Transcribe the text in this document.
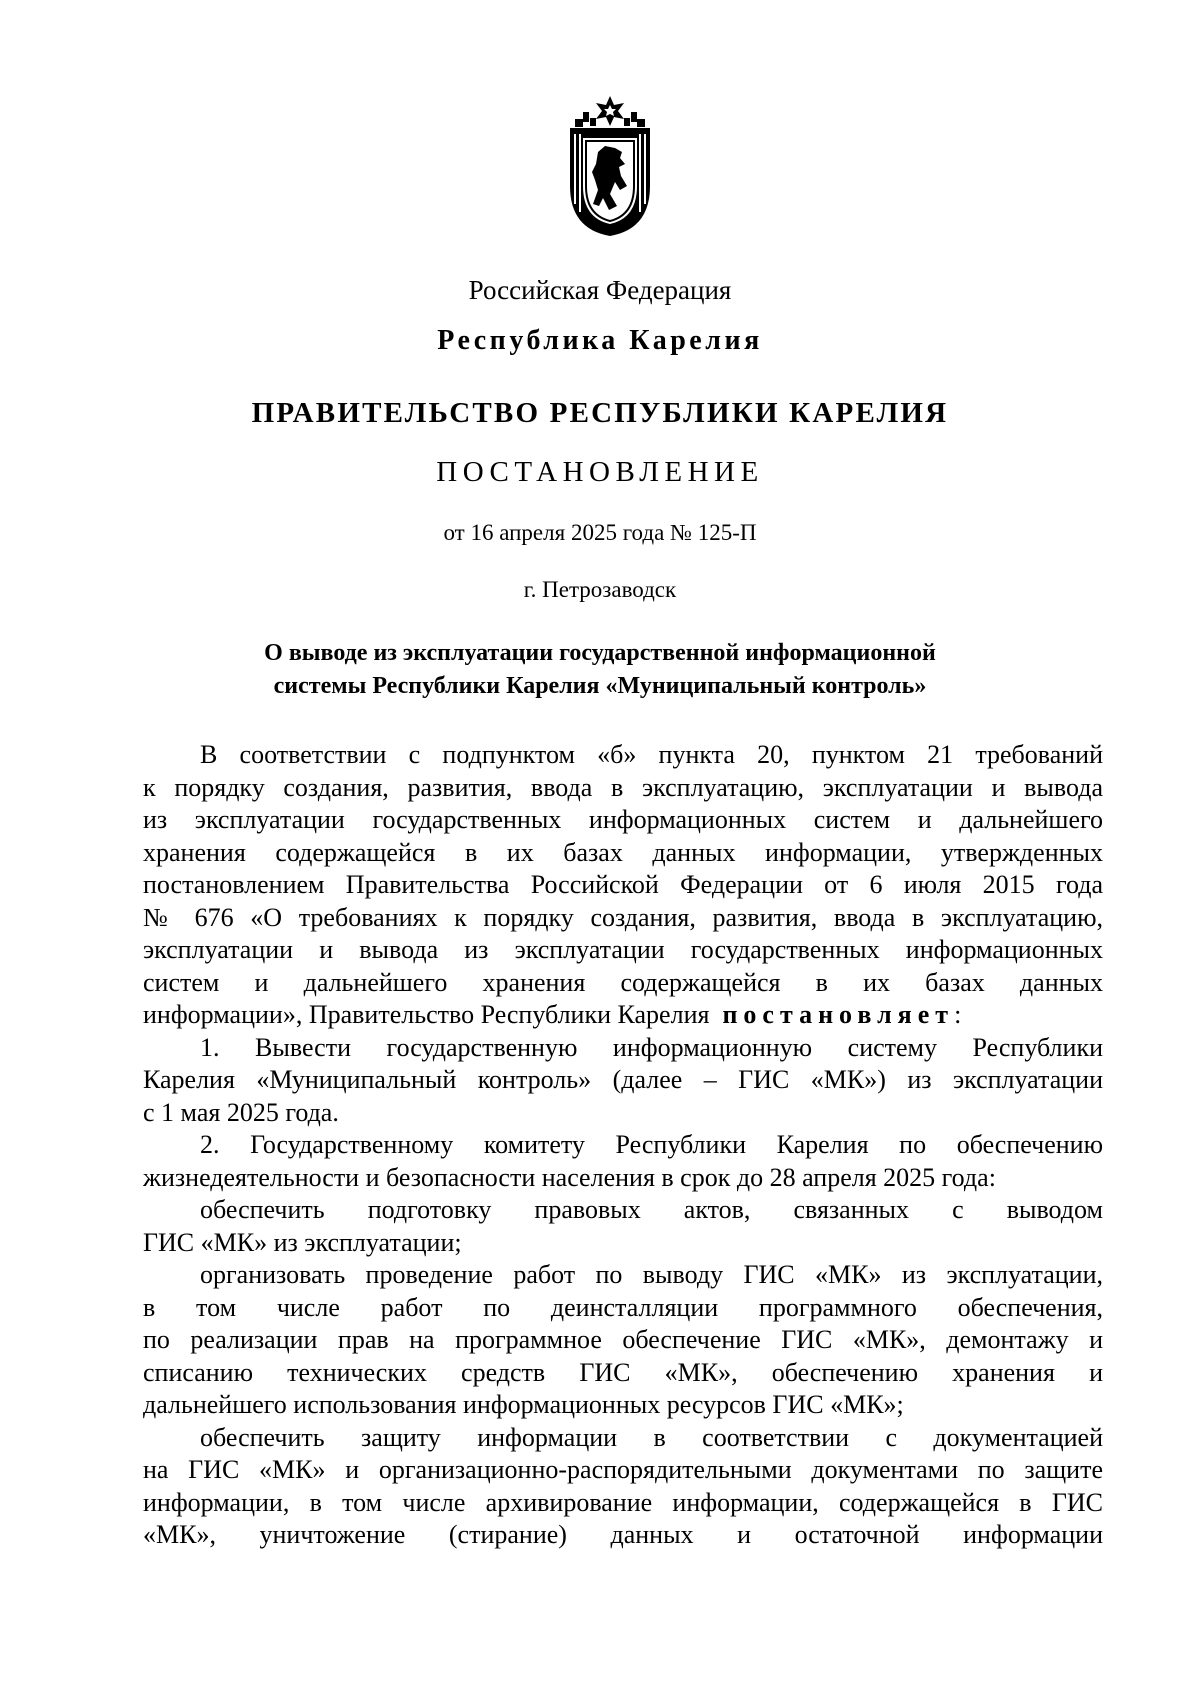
Российская Федерация
Республика Карелия
ПРАВИТЕЛЬСТВО РЕСПУБЛИКИ КАРЕЛИЯ
ПОСТАНОВЛЕНИЕ
от 16 апреля 2025 года № 125-П
г. Петрозаводск
О выводе из эксплуатации государственной информационной
системы Республики Карелия «Муниципальный контроль»
В соответствии с подпунктом «б» пункта 20, пунктом 21 требований
к порядку создания, развития, ввода в эксплуатацию, эксплуатации и вывода
из эксплуатации государственных информационных систем и дальнейшего
хранения содержащейся в их базах данных информации, утвержденных
постановлением Правительства Российской Федерации от 6 июля 2015 года
№ 676 «О требованиях к порядку создания, развития, ввода в эксплуатацию,
эксплуатации и вывода из эксплуатации государственных информационных
систем и дальнейшего хранения содержащейся в их базах данных
информации», Правительство Республики Карелия постановляет:
1. Вывести государственную информационную систему Республики
Карелия «Муниципальный контроль» (далее – ГИС «МК») из эксплуатации
с 1 мая 2025 года.
2. Государственному комитету Республики Карелия по обеспечению
жизнедеятельности и безопасности населения в срок до 28 апреля 2025 года:
обеспечить подготовку правовых актов, связанных с выводом
ГИС «МК» из эксплуатации;
организовать проведение работ по выводу ГИС «МК» из эксплуатации,
в том числе работ по деинсталляции программного обеспечения,
по реализации прав на программное обеспечение ГИС «МК», демонтажу и
списанию технических средств ГИС «МК», обеспечению хранения и
дальнейшего использования информационных ресурсов ГИС «МК»;
обеспечить защиту информации в соответствии с документацией
на ГИС «МК» и организационно-распорядительными документами по защите
информации, в том числе архивирование информации, содержащейся в ГИС
«МК», уничтожение (стирание) данных и остаточной информации
